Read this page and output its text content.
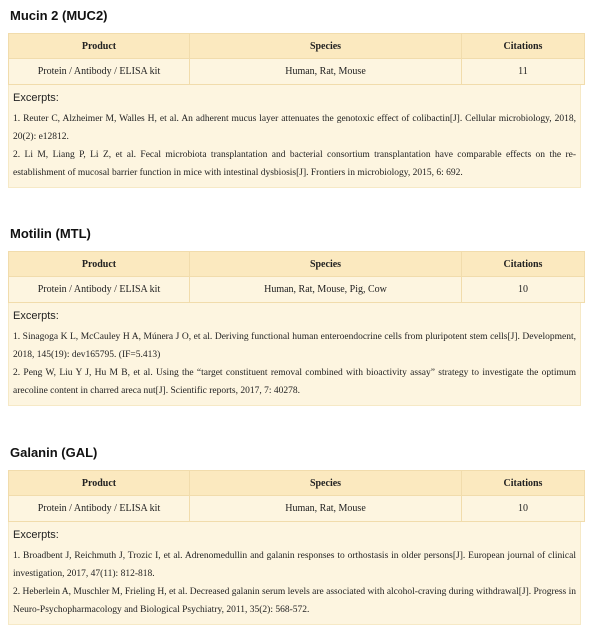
Mucin 2 (MUC2)
Product	Species	Citations
Protein / Antibody / ELISA kit	Human, Rat, Mouse	11
Excerpts:
1. Reuter C, Alzheimer M, Walles H, et al. An adherent mucus layer attenuates the genotoxic effect of colibactin[J]. Cellular microbiology, 2018, 20(2): e12812.
2. Li M, Liang P, Li Z, et al. Fecal microbiota transplantation and bacterial consortium transplantation have comparable effects on the re-establishment of mucosal barrier function in mice with intestinal dysbiosis[J]. Frontiers in microbiology, 2015, 6: 692.
Motilin (MTL)
Product	Species	Citations
Protein / Antibody / ELISA kit	Human, Rat, Mouse, Pig, Cow	10
Excerpts:
1. Sinagoga K L, McCauley H A, Múnera J O, et al. Deriving functional human enteroendocrine cells from pluripotent stem cells[J]. Development, 2018, 145(19): dev165795. (IF=5.413)
2. Peng W, Liu Y J, Hu M B, et al. Using the “target constituent removal combined with bioactivity assay” strategy to investigate the optimum arecoline content in charred areca nut[J]. Scientific reports, 2017, 7: 40278.
Galanin (GAL)
Product	Species	Citations
Protein / Antibody / ELISA kit	Human, Rat, Mouse	10
Excerpts:
1. Broadbent J, Reichmuth J, Trozic I, et al. Adrenomedullin and galanin responses to orthostasis in older persons[J]. European journal of clinical investigation, 2017, 47(11): 812-818.
2. Heberlein A, Muschler M, Frieling H, et al. Decreased galanin serum levels are associated with alcohol-craving during withdrawal[J]. Progress in Neuro-Psychopharmacology and Biological Psychiatry, 2011, 35(2): 568-572.
